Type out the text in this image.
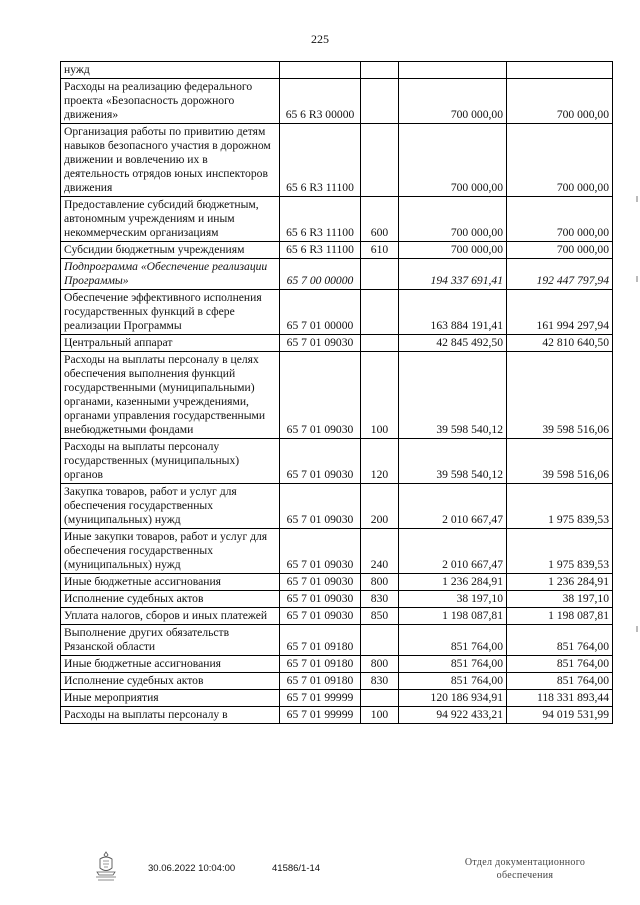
225
нужд				
Расходы на реализацию федерального проекта «Безопасность дорожного движения»	65 6 R3 00000		700 000,00	700 000,00
Организация работы по привитию детям навыков безопасного участия в дорожном движении и вовлечению их в деятельность отрядов юных инспекторов движения	65 6 R3 11100		700 000,00	700 000,00
Предоставление субсидий бюджетным, автономным учреждениям и иным некоммерческим организациям	65 6 R3 11100	600	700 000,00	700 000,00
Субсидии бюджетным учреждениям	65 6 R3 11100	610	700 000,00	700 000,00
Подпрограмма «Обеспечение реализации Программы»	65 7 00 00000		194 337 691,41	192 447 797,94
Обеспечение эффективного исполнения государственных функций в сфере реализации Программы	65 7 01 00000		163 884 191,41	161 994 297,94
Центральный аппарат	65 7 01 09030		42 845 492,50	42 810 640,50
Расходы на выплаты персоналу в целях обеспечения выполнения функций государственными (муниципальными) органами, казенными учреждениями, органами управления государственными внебюджетными фондами	65 7 01 09030	100	39 598 540,12	39 598 516,06
Расходы на выплаты персоналу государственных (муниципальных) органов	65 7 01 09030	120	39 598 540,12	39 598 516,06
Закупка товаров, работ и услуг для обеспечения государственных (муниципальных) нужд	65 7 01 09030	200	2 010 667,47	1 975 839,53
Иные закупки товаров, работ и услуг для обеспечения государственных (муниципальных) нужд	65 7 01 09030	240	2 010 667,47	1 975 839,53
Иные бюджетные ассигнования	65 7 01 09030	800	1 236 284,91	1 236 284,91
Исполнение судебных актов	65 7 01 09030	830	38 197,10	38 197,10
Уплата налогов, сборов и иных платежей	65 7 01 09030	850	1 198 087,81	1 198 087,81
Выполнение других обязательств Рязанской области	65 7 01 09180		851 764,00	851 764,00
Иные бюджетные ассигнования	65 7 01 09180	800	851 764,00	851 764,00
Исполнение судебных актов	65 7 01 09180	830	851 764,00	851 764,00
Иные мероприятия	65 7 01 99999		120 186 934,91	118 331 893,44
Расходы на выплаты персоналу в	65 7 01 99999	100	94 922 433,21	94 019 531,99
30.06.2022 10:04:00	41586/1-14
Отдел документационного
обеспечения
